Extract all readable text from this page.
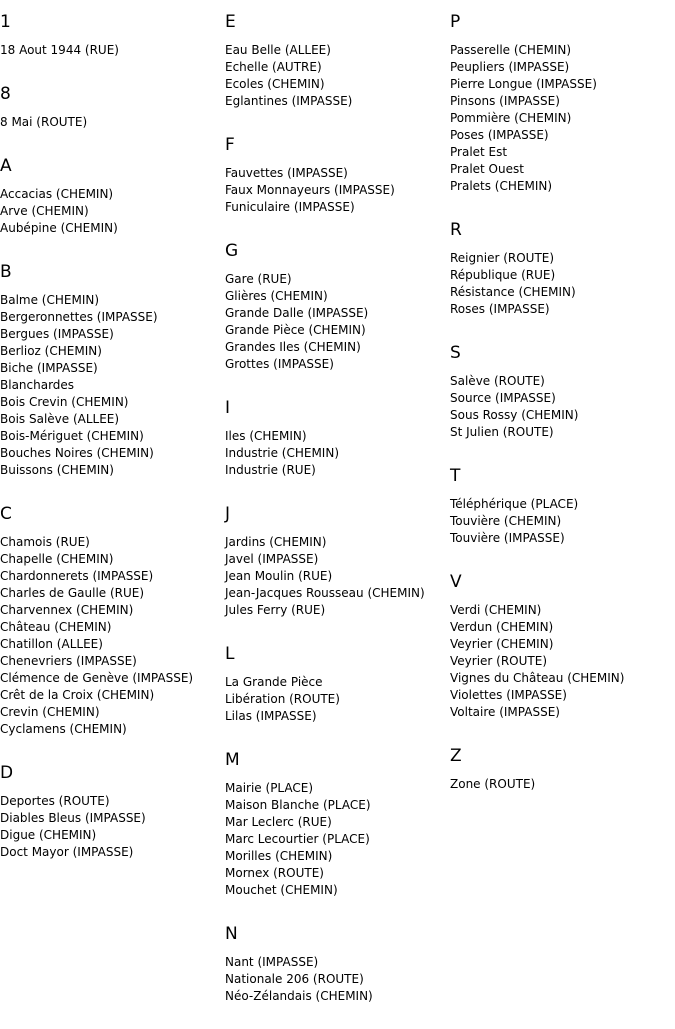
1
18 Aout 1944 (RUE)
8
8 Mai (ROUTE)
A
Accacias (CHEMIN)
Arve (CHEMIN)
Aubépine (CHEMIN)
B
Balme (CHEMIN)
Bergeronnettes (IMPASSE)
Bergues (IMPASSE)
Berlioz (CHEMIN)
Biche (IMPASSE)
Blanchardes
Bois Crevin (CHEMIN)
Bois Salève (ALLEE)
Bois-Mériguet (CHEMIN)
Bouches Noires (CHEMIN)
Buissons (CHEMIN)
C
Chamois (RUE)
Chapelle (CHEMIN)
Chardonnerets (IMPASSE)
Charles de Gaulle (RUE)
Charvennex (CHEMIN)
Château (CHEMIN)
Chatillon (ALLEE)
Chenevriers (IMPASSE)
Clémence de Genève (IMPASSE)
Crêt de la Croix (CHEMIN)
Crevin (CHEMIN)
Cyclamens (CHEMIN)
D
Deportes (ROUTE)
Diables Bleus (IMPASSE)
Digue (CHEMIN)
Doct Mayor (IMPASSE)
E
Eau Belle (ALLEE)
Echelle (AUTRE)
Ecoles (CHEMIN)
Eglantines (IMPASSE)
F
Fauvettes (IMPASSE)
Faux Monnayeurs (IMPASSE)
Funiculaire (IMPASSE)
G
Gare (RUE)
Glières (CHEMIN)
Grande Dalle (IMPASSE)
Grande Pièce (CHEMIN)
Grandes Iles (CHEMIN)
Grottes (IMPASSE)
I
Iles (CHEMIN)
Industrie (CHEMIN)
Industrie (RUE)
J
Jardins (CHEMIN)
Javel (IMPASSE)
Jean Moulin (RUE)
Jean-Jacques Rousseau (CHEMIN)
Jules Ferry (RUE)
L
La Grande Pièce
Libération (ROUTE)
Lilas (IMPASSE)
M
Mairie (PLACE)
Maison Blanche (PLACE)
Mar Leclerc (RUE)
Marc Lecourtier (PLACE)
Morilles (CHEMIN)
Mornex (ROUTE)
Mouchet (CHEMIN)
N
Nant (IMPASSE)
Nationale 206 (ROUTE)
Néo-Zélandais (CHEMIN)
P
Passerelle (CHEMIN)
Peupliers (IMPASSE)
Pierre Longue (IMPASSE)
Pinsons (IMPASSE)
Pommière (CHEMIN)
Poses (IMPASSE)
Pralet Est
Pralet Ouest
Pralets (CHEMIN)
R
Reignier (ROUTE)
République (RUE)
Résistance (CHEMIN)
Roses (IMPASSE)
S
Salève (ROUTE)
Source (IMPASSE)
Sous Rossy (CHEMIN)
St Julien (ROUTE)
T
Téléphérique (PLACE)
Touvière (CHEMIN)
Touvière (IMPASSE)
V
Verdi (CHEMIN)
Verdun (CHEMIN)
Veyrier (CHEMIN)
Veyrier (ROUTE)
Vignes du Château (CHEMIN)
Violettes (IMPASSE)
Voltaire (IMPASSE)
Z
Zone (ROUTE)
